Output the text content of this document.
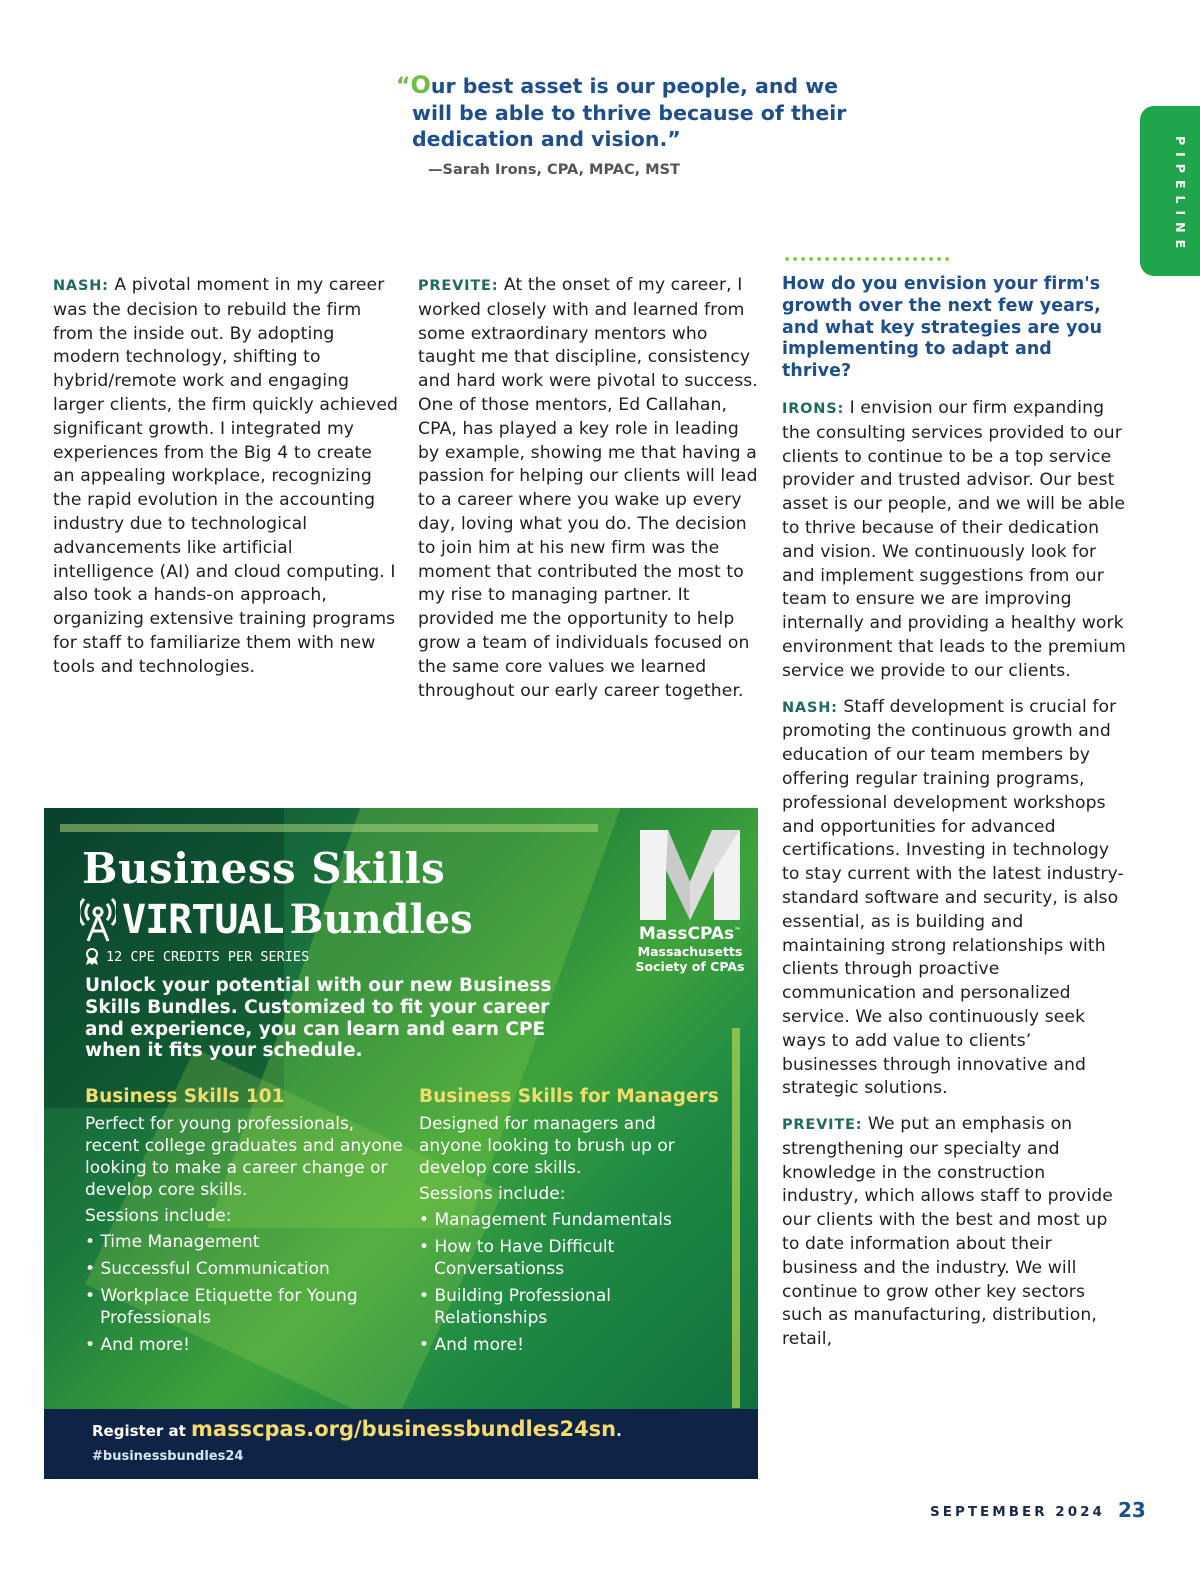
“Our best asset is our people, and we will be able to thrive because of their dedication and vision.”
—Sarah Irons, CPA, MPAC, MST	PIPELINE

NASH: A pivotal moment in my career was the decision to rebuild the firm from the inside out. By adopting modern technology, shifting to hybrid/remote work and engaging larger clients, the firm quickly achieved significant growth. I integrated my experiences from the Big 4 to create an appealing workplace, recognizing the rapid evolution in the accounting industry due to technological advancements like artificial intelligence (AI) and cloud computing. I also took a hands-on approach, organizing extensive training programs for staff to familiarize them with new tools and technologies.

PREVITE: At the onset of my career, I worked closely with and learned from some extraordinary mentors who taught me that discipline, consistency and hard work were pivotal to success. One of those mentors, Ed Callahan, CPA, has played a key role in leading by example, showing me that having a passion for helping our clients will lead to a career where you wake up every day, loving what you do. The decision to join him at his new firm was the moment that contributed the most to my rise to managing partner. It provided me the opportunity to help grow a team of individuals focused on the same core values we learned throughout our early career together.

How do you envision your firm's growth over the next few years, and what key strategies are you implementing to adapt and thrive?

IRONS: I envision our firm expanding the consulting services provided to our clients to continue to be a top service provider and trusted advisor. Our best asset is our people, and we will be able to thrive because of their dedication and vision. We continuously look for and implement suggestions from our team to ensure we are improving internally and providing a healthy work environment that leads to the premium service we provide to our clients.

NASH: Staff development is crucial for promoting the continuous growth and education of our team members by offering regular training programs, professional development workshops and opportunities for advanced certifications. Investing in technology to stay current with the latest industry-standard software and security, is also essential, as is building and maintaining strong relationships with clients through proactive communication and personalized service. We also continuously seek ways to add value to clients’ businesses through innovative and strategic solutions.

PREVITE: We put an emphasis on strengthening our specialty and knowledge in the construction industry, which allows staff to provide our clients with the best and most up to date information about their business and the industry. We will continue to grow other key sectors such as manufacturing, distribution, retail,

Business Skills
VIRTUAL Bundles
12 CPE CREDITS PER SERIES
Unlock your potential with our new Business Skills Bundles. Customized to fit your career and experience, you can learn and earn CPE when it fits your schedule.
MassCPAs™
Massachusetts
Society of CPAs
Business Skills 101
Perfect for young professionals, recent college graduates and anyone looking to make a career change or develop core skills.
Sessions include:
• Time Management
• Successful Communication
• Workplace Etiquette for Young Professionals
• And more!
Business Skills for Managers
Designed for managers and anyone looking to brush up or develop core skills.
Sessions include:
• Management Fundamentals
• How to Have Difficult Conversationss
• Building Professional Relationships
• And more!
Register at masscpas.org/businessbundles24sn.
#businessbundles24
SEPTEMBER 2024 23
